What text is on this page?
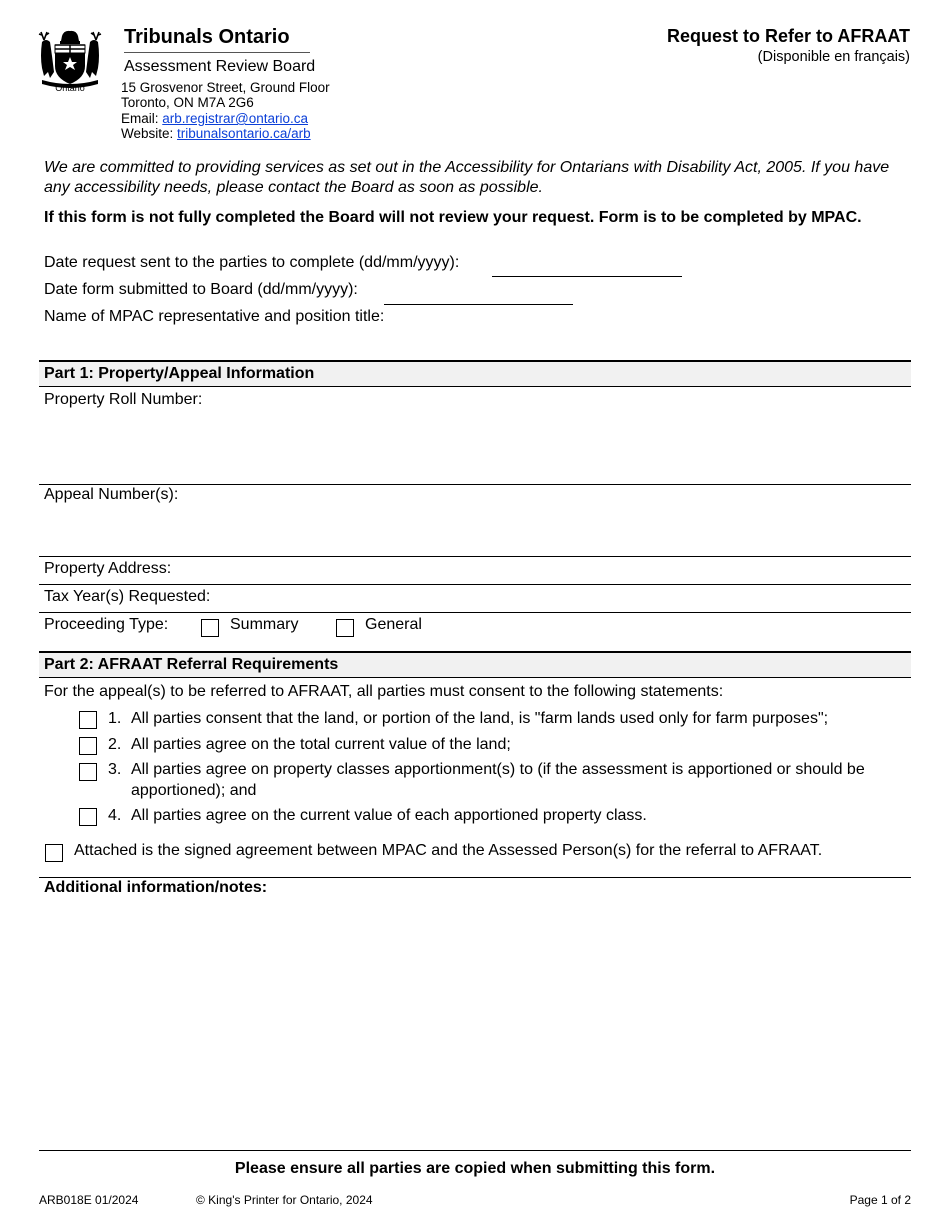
Ontario
Tribunals Ontario
Assessment Review Board
15 Grosvenor Street, Ground Floor
Toronto, ON M7A 2G6
Email: arb.registrar@ontario.ca
Website: tribunalsontario.ca/arb
Request to Refer to AFRAAT
(Disponible en français)
We are committed to providing services as set out in the Accessibility for Ontarians with Disability Act, 2005. If you have any accessibility needs, please contact the Board as soon as possible.
If this form is not fully completed the Board will not review your request. Form is to be completed by MPAC.
Date request sent to the parties to complete (dd/mm/yyyy):
Date form submitted to Board (dd/mm/yyyy):
Name of MPAC representative and position title:
Part 1: Property/Appeal Information
Property Roll Number:
Appeal Number(s):
Property Address:
Tax Year(s) Requested:
Proceeding Type:	Summary	General
Part 2: AFRAAT Referral Requirements
For the appeal(s) to be referred to AFRAAT, all parties must consent to the following statements:
1. All parties consent that the land, or portion of the land, is "farm lands used only for farm purposes";
2. All parties agree on the total current value of the land;
3. All parties agree on property classes apportionment(s) to (if the assessment is apportioned or should be apportioned); and
4. All parties agree on the current value of each apportioned property class.
Attached is the signed agreement between MPAC and the Assessed Person(s) for the referral to AFRAAT.
Additional information/notes:
Please ensure all parties are copied when submitting this form.
ARB018E 01/2024	© King's Printer for Ontario, 2024	Page 1 of 2
